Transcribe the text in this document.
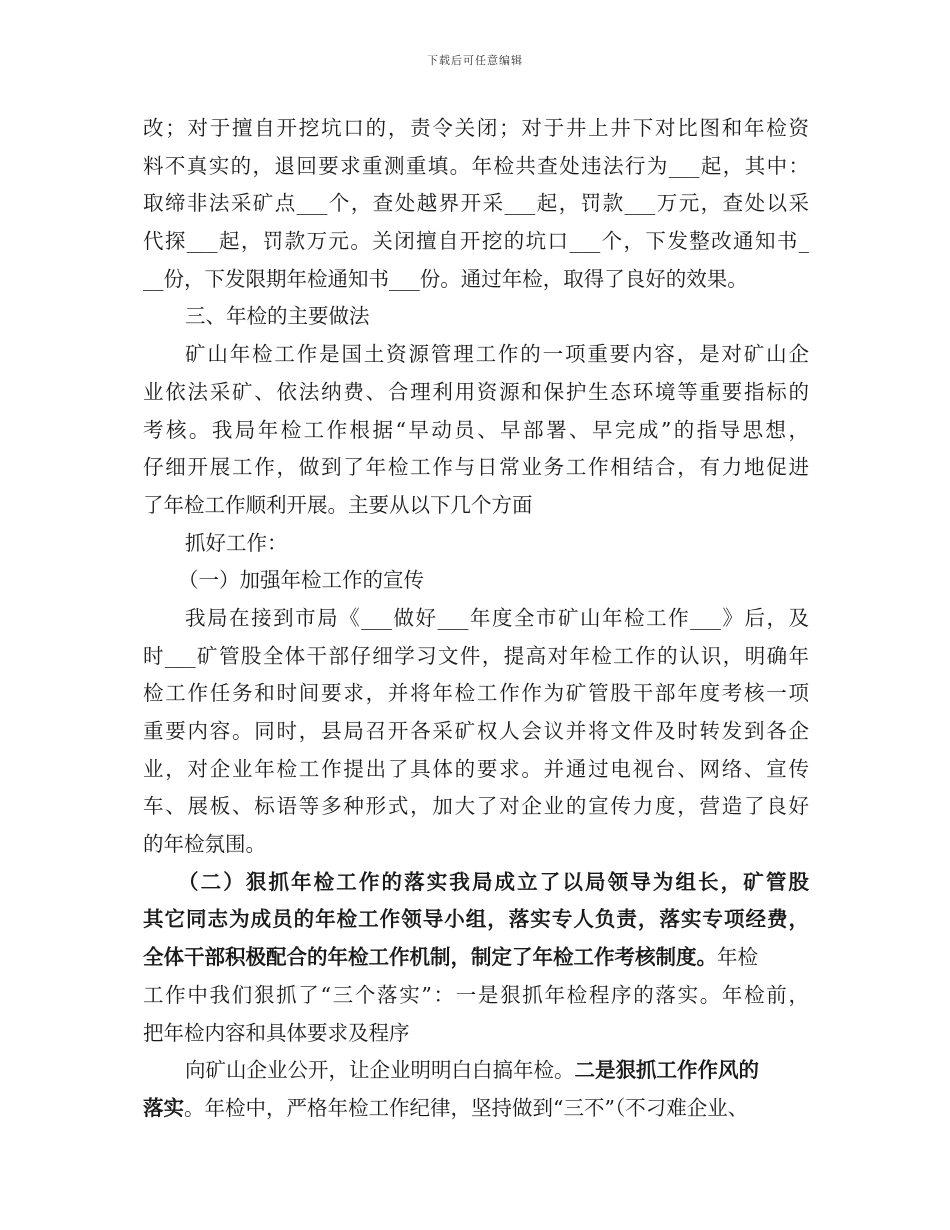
下载后可任意编辑
改；对于擅自开挖坑口的，责令关闭；对于井上井下对比图和年检资
料不真实的，退回要求重测重填。年检共查处违法行为___起，其中：
取缔非法采矿点___个，查处越界开采___起，罚款___万元，查处以采
代探___起，罚款万元。关闭擅自开挖的坑口___个，下发整改通知书_
__份，下发限期年检通知书___份。通过年检，取得了良好的效果。
三、年检的主要做法
矿山年检工作是国土资源管理工作的一项重要内容，是对矿山企
业依法采矿、依法纳费、合理利用资源和保护生态环境等重要指标的
考核。我局年检工作根据“早动员、早部署、早完成”的指导思想，
仔细开展工作，做到了年检工作与日常业务工作相结合，有力地促进
了年检工作顺利开展。主要从以下几个方面
抓好工作：
（一）加强年检工作的宣传
我局在接到市局《___做好___年度全市矿山年检工作___》后，及
时___矿管股全体干部仔细学习文件，提高对年检工作的认识，明确年
检工作任务和时间要求，并将年检工作作为矿管股干部年度考核一项
重要内容。同时，县局召开各采矿权人会议并将文件及时转发到各企
业，对企业年检工作提出了具体的要求。并通过电视台、网络、宣传
车、展板、标语等多种形式，加大了对企业的宣传力度，营造了良好
的年检氛围。
（二）狠抓年检工作的落实我局成立了以局领导为组长，矿管股
其它同志为成员的年检工作领导小组，落实专人负责，落实专项经费，
全体干部积极配合的年检工作机制，制定了年检工作考核制度。年检
工作中我们狠抓了“三个落实”：一是狠抓年检程序的落实。年检前，
把年检内容和具体要求及程序
向矿山企业公开，让企业明明白白搞年检。二是狠抓工作作风的
落实。年检中，严格年检工作纪律，坚持做到“三不”（不刁难企业、
